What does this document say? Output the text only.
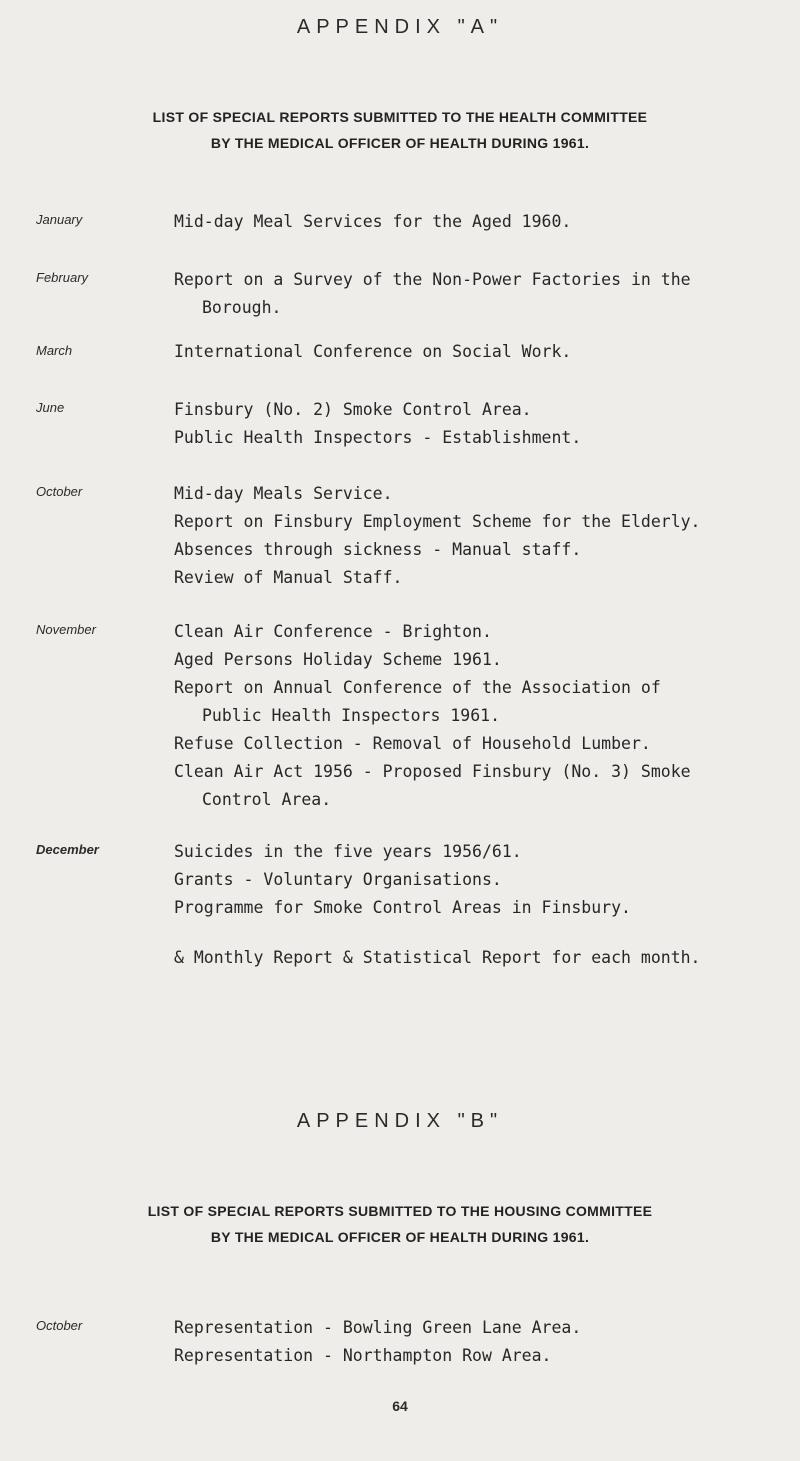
APPENDIX "A"
LIST OF SPECIAL REPORTS SUBMITTED TO THE HEALTH COMMITTEE
BY THE MEDICAL OFFICER OF HEALTH DURING 1961.
January	Mid-day Meal Services for the Aged 1960.
February	Report on a Survey of the Non-Power Factories in the
Borough.
March	International Conference on Social Work.
June	Finsbury (No. 2) Smoke Control Area.
Public Health Inspectors - Establishment.
October	Mid-day Meals Service.
Report on Finsbury Employment Scheme for the Elderly.
Absences through sickness - Manual staff.
Review of Manual Staff.
November	Clean Air Conference - Brighton.
Aged Persons Holiday Scheme 1961.
Report on Annual Conference of the Association of
Public Health Inspectors 1961.
Refuse Collection - Removal of Household Lumber.
Clean Air Act 1956 - Proposed Finsbury (No. 3) Smoke
Control Area.
December	Suicides in the five years 1956/61.
Grants - Voluntary Organisations.
Programme for Smoke Control Areas in Finsbury.
& Monthly Report & Statistical Report for each month.
APPENDIX "B"
LIST OF SPECIAL REPORTS SUBMITTED TO THE HOUSING COMMITTEE
BY THE MEDICAL OFFICER OF HEALTH DURING 1961.
October	Representation - Bowling Green Lane Area.
Representation - Northampton Row Area.
64
